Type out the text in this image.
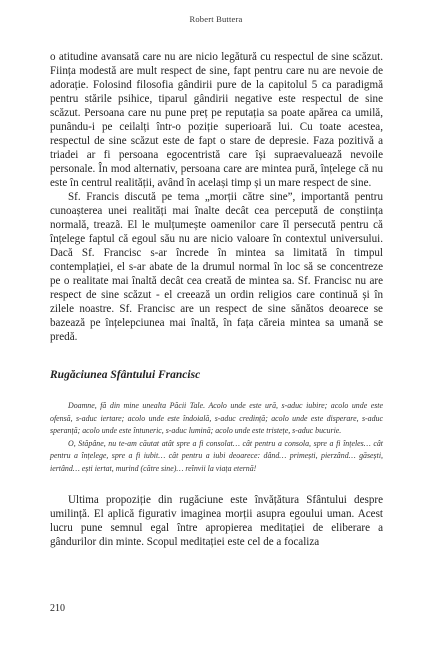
Robert Buttera

o atitudine avansată care nu are nicio legătură cu respectul de sine scăzut. Ființa modestă are mult respect de sine, fapt pentru care nu are nevoie de adorație. Folosind filosofia gândirii pure de la capitolul 5 ca paradigmă pentru stările psihice, tiparul gândirii negative este respectul de sine scăzut. Persoana care nu pune preț pe reputația sa poate apărea ca umilă, punându-i pe ceilalți într-o poziție superioară lui. Cu toate acestea, respectul de sine scăzut este de fapt o stare de depresie. Faza pozitivă a triadei ar fi persoana egocentristă care își supraevaluează nevoile personale. În mod alternativ, persoana care are mintea pură, înțelege că nu este în centrul realității, având în același timp și un mare respect de sine.

Sf. Francis discută pe tema „morții către sine”, importantă pentru cunoașterea unei realități mai înalte decât cea percepută de conștiința normală, treazã. El le mulțumește oamenilor care îl persecută pentru că înțelege faptul că egoul său nu are nicio valoare în contextul universului. Dacă Sf. Francisc s-ar încrede în mintea sa limitată în timpul contemplației, el s-ar abate de la drumul normal în loc să se concentreze pe o realitate mai înaltă decât cea creată de mintea sa. Sf. Francisc nu are respect de sine scăzut - el creează un ordin religios care continuă și în zilele noastre. Sf. Francisc are un respect de sine sănătos deoarece se bazează pe înțelepciunea mai înaltă, în fața căreia mintea sa umană se predă.

Rugăciunea Sfântului Francisc

Doamne, fă din mine unealta Păcii Tale. Acolo unde este ură, s-aduc iubire; acolo unde este ofensă, s-aduc iertare; acolo unde este îndoială, s-aduc credință; acolo unde este disperare, s-aduc speranță; acolo unde este întuneric, s-aduc lumină; acolo unde este tristețe, s-aduc bucurie.

O, Stăpâne, nu te-am căutat atât spre a fi consolat… cât pentru a consola, spre a fi înțeles… cât pentru a înțelege, spre a fi iubit… cât pentru a iubi deoarece: dând… primești, pierzând… găsești, iertând… ești iertat, murind (către sine)… reînvii la viața eternă!

Ultima propoziție din rugăciune este învățătura Sfântului despre umilință. El aplică figurativ imaginea morții asupra egoului uman. Acest lucru pune semnul egal între apropierea meditației de eliberare a gândurilor din minte. Scopul meditației este cel de a focaliza

210
